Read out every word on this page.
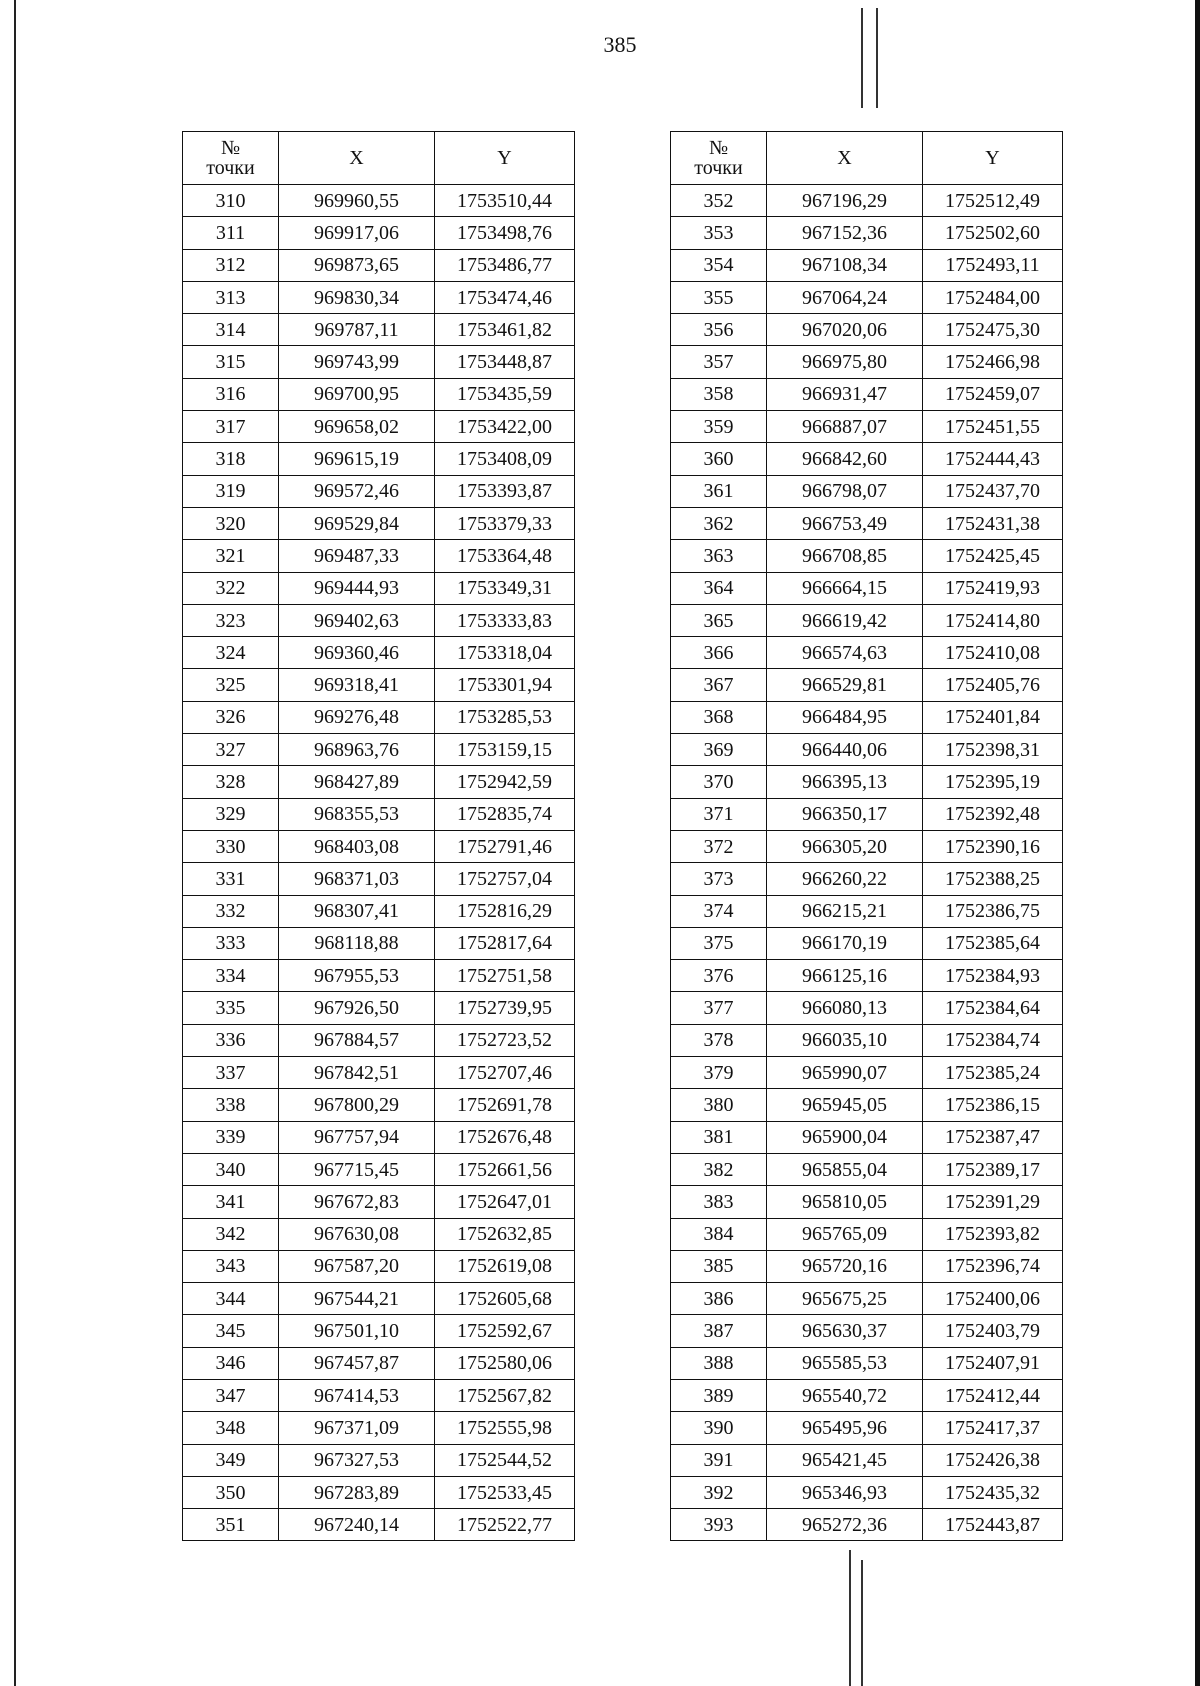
385
№
точки	X	Y
310	969960,55	1753510,44
311	969917,06	1753498,76
312	969873,65	1753486,77
313	969830,34	1753474,46
314	969787,11	1753461,82
315	969743,99	1753448,87
316	969700,95	1753435,59
317	969658,02	1753422,00
318	969615,19	1753408,09
319	969572,46	1753393,87
320	969529,84	1753379,33
321	969487,33	1753364,48
322	969444,93	1753349,31
323	969402,63	1753333,83
324	969360,46	1753318,04
325	969318,41	1753301,94
326	969276,48	1753285,53
327	968963,76	1753159,15
328	968427,89	1752942,59
329	968355,53	1752835,74
330	968403,08	1752791,46
331	968371,03	1752757,04
332	968307,41	1752816,29
333	968118,88	1752817,64
334	967955,53	1752751,58
335	967926,50	1752739,95
336	967884,57	1752723,52
337	967842,51	1752707,46
338	967800,29	1752691,78
339	967757,94	1752676,48
340	967715,45	1752661,56
341	967672,83	1752647,01
342	967630,08	1752632,85
343	967587,20	1752619,08
344	967544,21	1752605,68
345	967501,10	1752592,67
346	967457,87	1752580,06
347	967414,53	1752567,82
348	967371,09	1752555,98
349	967327,53	1752544,52
350	967283,89	1752533,45
351	967240,14	1752522,77
№
точки	X	Y
352	967196,29	1752512,49
353	967152,36	1752502,60
354	967108,34	1752493,11
355	967064,24	1752484,00
356	967020,06	1752475,30
357	966975,80	1752466,98
358	966931,47	1752459,07
359	966887,07	1752451,55
360	966842,60	1752444,43
361	966798,07	1752437,70
362	966753,49	1752431,38
363	966708,85	1752425,45
364	966664,15	1752419,93
365	966619,42	1752414,80
366	966574,63	1752410,08
367	966529,81	1752405,76
368	966484,95	1752401,84
369	966440,06	1752398,31
370	966395,13	1752395,19
371	966350,17	1752392,48
372	966305,20	1752390,16
373	966260,22	1752388,25
374	966215,21	1752386,75
375	966170,19	1752385,64
376	966125,16	1752384,93
377	966080,13	1752384,64
378	966035,10	1752384,74
379	965990,07	1752385,24
380	965945,05	1752386,15
381	965900,04	1752387,47
382	965855,04	1752389,17
383	965810,05	1752391,29
384	965765,09	1752393,82
385	965720,16	1752396,74
386	965675,25	1752400,06
387	965630,37	1752403,79
388	965585,53	1752407,91
389	965540,72	1752412,44
390	965495,96	1752417,37
391	965421,45	1752426,38
392	965346,93	1752435,32
393	965272,36	1752443,87
